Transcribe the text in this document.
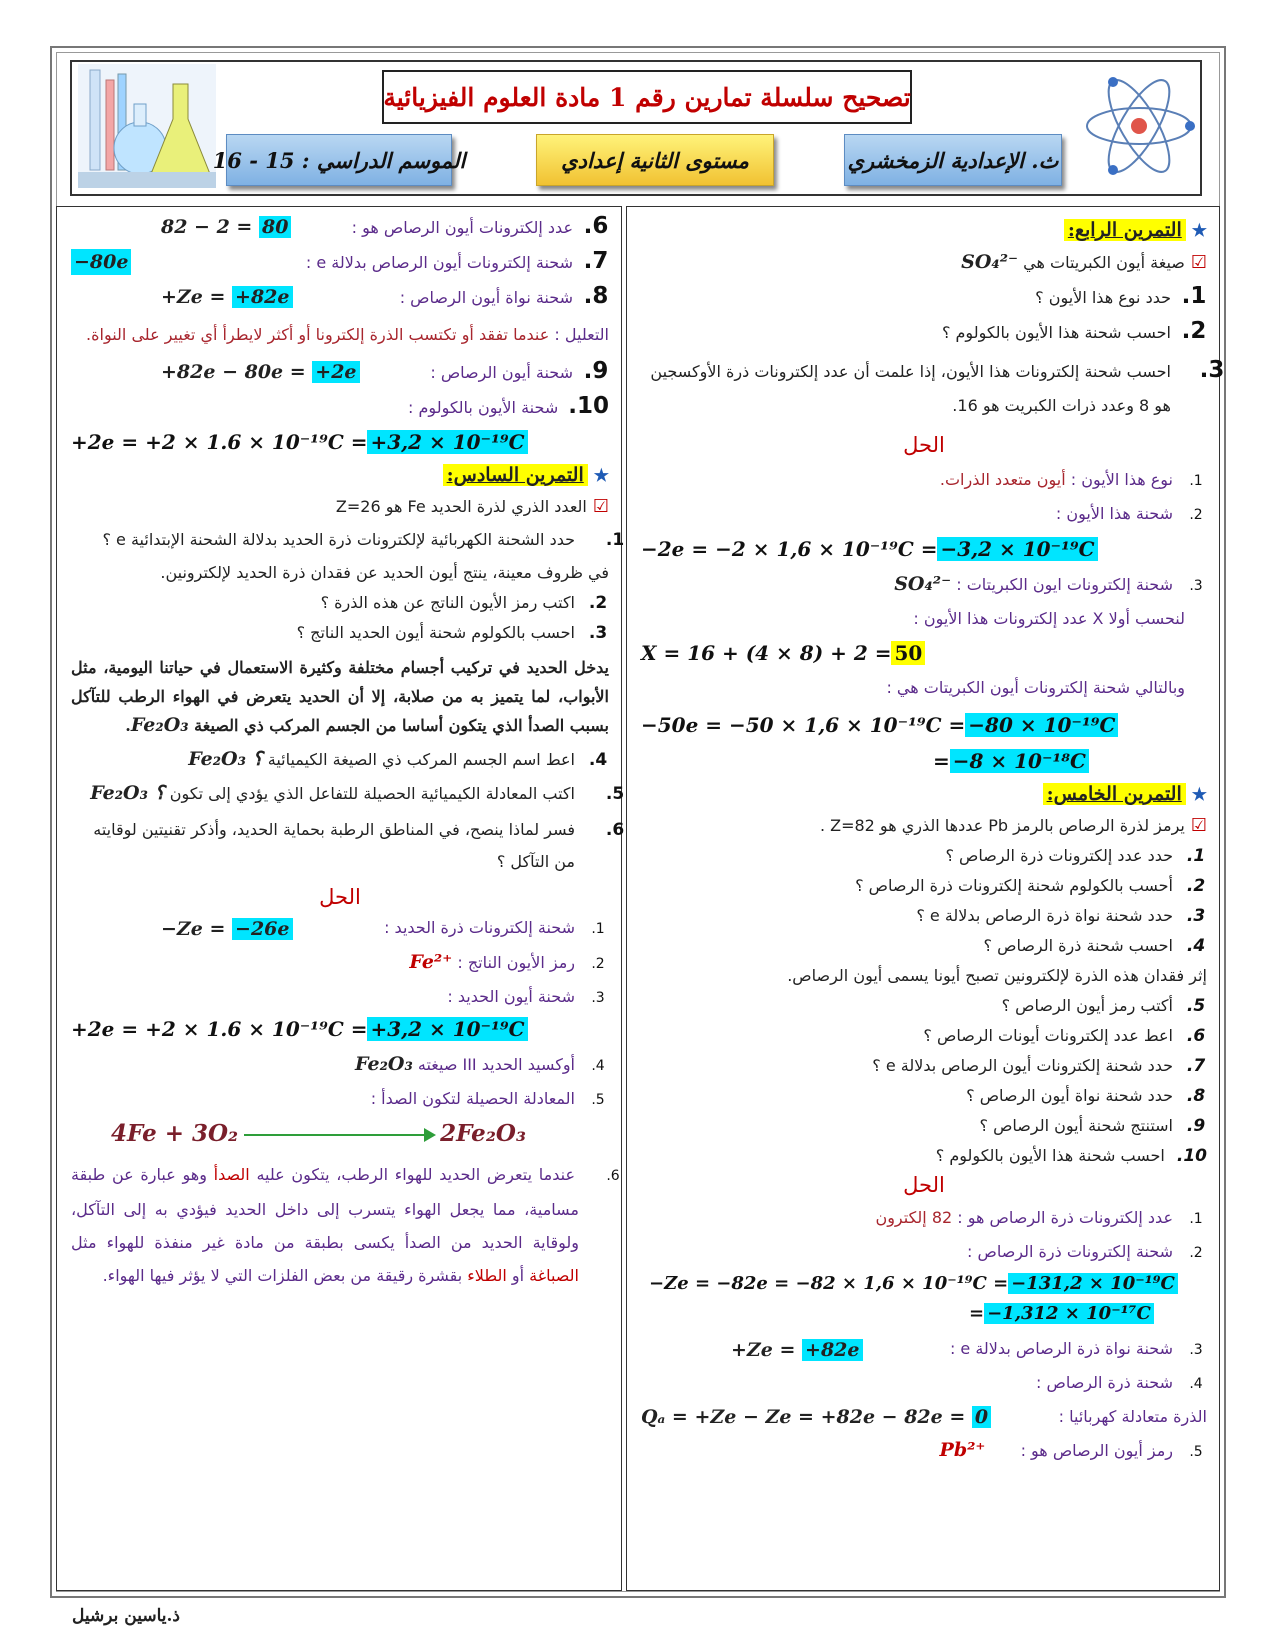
تصحيح سلسلة تمارين رقم 1 مادة العلوم الفيزيائية
ث. الإعدادية الزمخشري
مستوى الثانية إعدادي
الموسم الدراسي : 15 - 16
★التمرين الرابع:
☑صيغة أيون الكبريتات هي SO₄²⁻
1.حدد نوع هذا الأيون ؟
2.احسب شحنة هذا الأيون بالكولوم ؟
3.احسب شحنة إلكترونات هذا الأيون، إذا علمت أن عدد إلكترونات ذرة الأوكسجين هو 8 وعدد ذرات الكبريت هو 16.
الحل
1.نوع هذا الأيون : أيون متعدد الذرات.
2.شحنة هذا الأيون :
−2e = −2 × 1,6 × 10⁻¹⁹C = −3,2 × 10⁻¹⁹C
3.شحنة إلكترونات ايون الكبريتات : SO₄²⁻
لنحسب أولا X عدد إلكترونات هذا الأيون :
X = 16 + (4 × 8) + 2 = 50
وبالتالي شحنة إلكترونات أيون الكبريتات هي :
−50e = −50 × 1,6 × 10⁻¹⁹C = −80 × 10⁻¹⁹C
= −8 × 10⁻¹⁸C
★التمرين الخامس:
☑يرمز لذرة الرصاص بالرمز Pb عددها الذري هو Z=82 .
1.حدد عدد إلكترونات ذرة الرصاص ؟
2.أحسب بالكولوم شحنة إلكترونات ذرة الرصاص ؟
3.حدد شحنة نواة ذرة الرصاص بدلالة e ؟
4.احسب شحنة ذرة الرصاص ؟
إثر فقدان هذه الذرة لإلكترونين تصبح أيونا يسمى أيون الرصاص.
5.أكتب رمز أيون الرصاص ؟
6.اعط عدد إلكترونات أيونات الرصاص ؟
7.حدد شحنة إلكترونات أيون الرصاص بدلالة e ؟
8.حدد شحنة نواة أيون الرصاص ؟
9.استنتج شحنة أيون الرصاص ؟
10.احسب شحنة هذا الأيون بالكولوم ؟
الحل
1.عدد إلكترونات ذرة الرصاص هو : 82 إلكترون
2.شحنة إلكترونات ذرة الرصاص :
−Ze = −82e = −82 × 1,6 × 10⁻¹⁹C = −131,2 × 10⁻¹⁹C
= −1,312 × 10⁻¹⁷C
3.شحنة نواة ذرة الرصاص بدلالة e :
+Ze = +82e
4.شحنة ذرة الرصاص :
الذرة متعادلة كهربائيا :
Qₐ = +Ze − Ze = +82e − 82e = 0
5.رمز أيون الرصاص هو : Pb²⁺
6.عدد إلكترونات أيون الرصاص هو :
82 − 2 = 80
7.شحنة إلكترونات أيون الرصاص بدلالة e :
−80e
8.شحنة نواة أيون الرصاص :
+Ze = +82e
التعليل : عندما تفقد أو تكتسب الذرة إلكترونا أو أكثر لايطرأ أي تغيير على النواة.
9.شحنة أيون الرصاص :
+82e − 80e = +2e
10.شحنة الأيون بالكولوم :
+2e = +2 × 1.6 × 10⁻¹⁹C = +3,2 × 10⁻¹⁹C
★التمرين السادس:
☑العدد الذري لذرة الحديد Fe هو Z=26
1.حدد الشحنة الكهربائية لإلكترونات ذرة الحديد بدلالة الشحنة الإبتدائية e ؟
في ظروف معينة، ينتج أيون الحديد عن فقدان ذرة الحديد لإلكترونين.
2.اكتب رمز الأيون الناتج عن هذه الذرة ؟
3.احسب بالكولوم شحنة أيون الحديد الناتج ؟
يدخل الحديد في تركيب أجسام مختلفة وكثيرة الاستعمال في حياتنا اليومية، مثل الأبواب، لما يتميز به من صلابة، إلا أن الحديد يتعرض في الهواء الرطب للتآكل بسبب الصدأ الذي يتكون أساسا من الجسم المركب ذي الصيغة Fe₂O₃.
4.اعط اسم الجسم المركب ذي الصيغة الكيميائية Fe₂O₃ ؟
5.اكتب المعادلة الكيميائية الحصيلة للتفاعل الذي يؤدي إلى تكون Fe₂O₃ ؟
6.فسر لماذا ينصح، في المناطق الرطبة بحماية الحديد، وأذكر تقنيتين لوقايته من التآكل ؟
الحل
1.شحنة إلكترونات ذرة الحديد :
−Ze = −26e
2.رمز الأيون الناتج : Fe²⁺
3.شحنة أيون الحديد :
+2e = +2 × 1.6 × 10⁻¹⁹C = +3,2 × 10⁻¹⁹C
4.أوكسيد الحديد III صيغته Fe₂O₃
5.المعادلة الحصيلة لتكون الصدأ :
4Fe + 3O₂	2Fe₂O₃
6.عندما يتعرض الحديد للهواء الرطب، يتكون عليه الصدأ وهو عبارة عن طبقة مسامية، مما يجعل الهواء يتسرب إلى داخل الحديد فيؤدي به إلى التآكل، ولوقاية الحديد من الصدأ يكسى بطبقة من مادة غير منفذة للهواء مثل الصباغة أو الطلاء بقشرة رقيقة من بعض الفلزات التي لا يؤثر فيها الهواء.
ذ.ياسين برشيل
